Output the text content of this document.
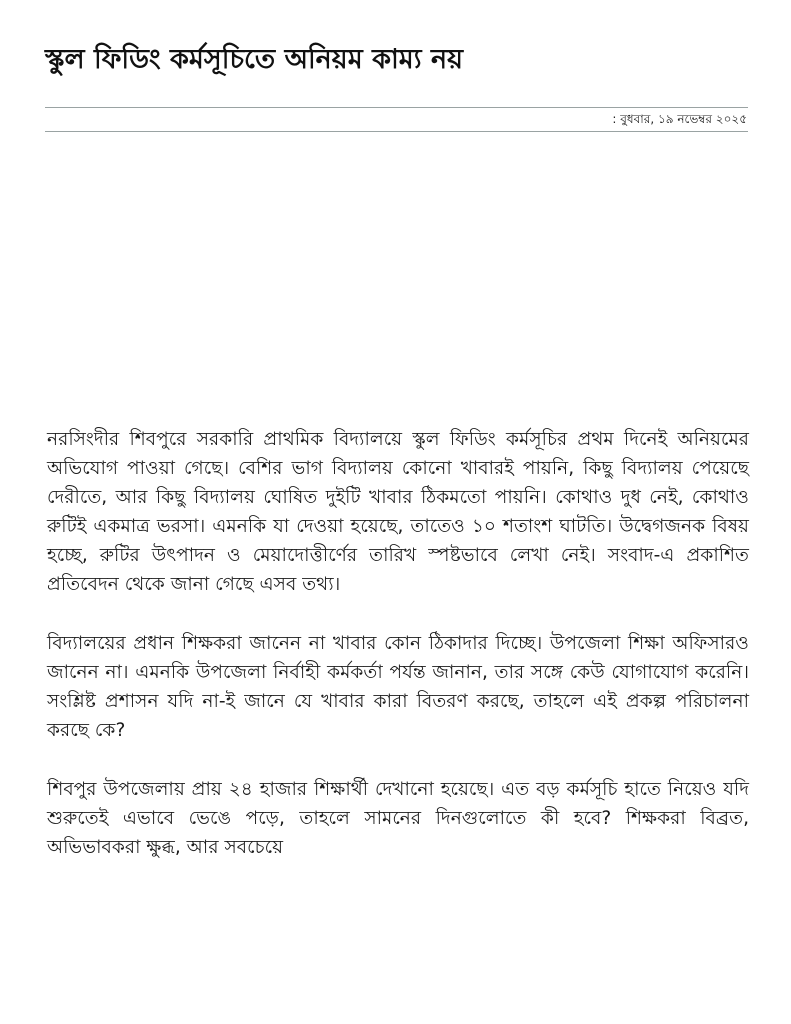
স্কুল ফিডিং কর্মসূচিতে অনিয়ম কাম্য নয়
: বুধবার, ১৯ নভেম্বর ২০২৫

নরসিংদীর শিবপুরে সরকারি প্রাথমিক বিদ্যালয়ে স্কুল ফিডিং কর্মসূচির প্রথম দিনেই অনিয়মের অভিযোগ পাওয়া গেছে। বেশির ভাগ বিদ্যালয় কোনো খাবারই পায়নি, কিছু বিদ্যালয় পেয়েছে দেরীতে, আর কিছু বিদ্যালয় ঘোষিত দুইটি খাবার ঠিকমতো পায়নি। কোথাও দুধ নেই, কোথাও রুটিই একমাত্র ভরসা। এমনকি যা দেওয়া হয়েছে, তাতেও ১০ শতাংশ ঘাটতি। উদ্বেগজনক বিষয় হচ্ছে, রুটির উৎপাদন ও মেয়াদোত্তীর্ণের তারিখ স্পষ্টভাবে লেখা নেই। সংবাদ-এ প্রকাশিত প্রতিবেদন থেকে জানা গেছে এসব তথ্য।

বিদ্যালয়ের প্রধান শিক্ষকরা জানেন না খাবার কোন ঠিকাদার দিচ্ছে। উপজেলা শিক্ষা অফিসারও জানেন না। এমনকি উপজেলা নির্বাহী কর্মকর্তা পর্যন্ত জানান, তার সঙ্গে কেউ যোগাযোগ করেনি। সংশ্লিষ্ট প্রশাসন যদি না-ই জানে যে খাবার কারা বিতরণ করছে, তাহলে এই প্রকল্প পরিচালনা করছে কে?

শিবপুর উপজেলায় প্রায় ২৪ হাজার শিক্ষার্থী দেখানো হয়েছে। এত বড় কর্মসূচি হাতে নিয়েও যদি শুরুতেই এভাবে ভেঙে পড়ে, তাহলে সামনের দিনগুলোতে কী হবে? শিক্ষকরা বিব্রত, অভিভাবকরা ক্ষুব্ধ, আর সবচেয়ে
